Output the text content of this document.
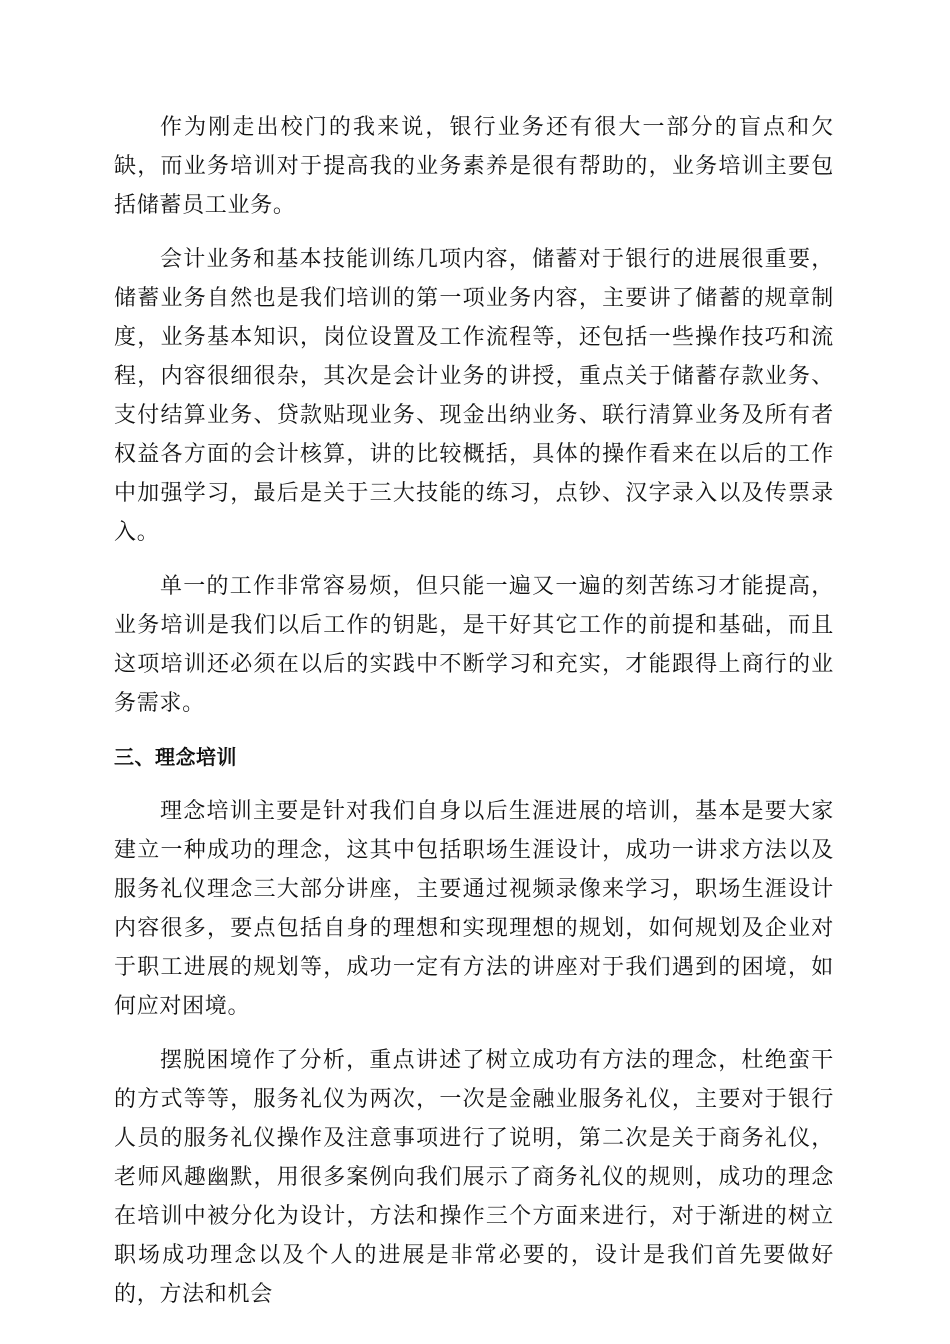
作为刚走出校门的我来说，银行业务还有很大一部分的盲点和欠缺，而业务培训对于提高我的业务素养是很有帮助的，业务培训主要包括储蓄员工业务。

会计业务和基本技能训练几项内容，储蓄对于银行的进展很重要，储蓄业务自然也是我们培训的第一项业务内容，主要讲了储蓄的规章制度，业务基本知识，岗位设置及工作流程等，还包括一些操作技巧和流程，内容很细很杂，其次是会计业务的讲授，重点关于储蓄存款业务、支付结算业务、贷款贴现业务、现金出纳业务、联行清算业务及所有者权益各方面的会计核算，讲的比较概括，具体的操作看来在以后的工作中加强学习，最后是关于三大技能的练习，点钞、汉字录入以及传票录入。

单一的工作非常容易烦，但只能一遍又一遍的刻苦练习才能提高，业务培训是我们以后工作的钥匙，是干好其它工作的前提和基础，而且这项培训还必须在以后的实践中不断学习和充实，才能跟得上商行的业务需求。

三、理念培训

理念培训主要是针对我们自身以后生涯进展的培训，基本是要大家建立一种成功的理念，这其中包括职场生涯设计，成功一讲求方法以及服务礼仪理念三大部分讲座，主要通过视频录像来学习，职场生涯设计内容很多，要点包括自身的理想和实现理想的规划，如何规划及企业对于职工进展的规划等，成功一定有方法的讲座对于我们遇到的困境，如何应对困境。

摆脱困境作了分析，重点讲述了树立成功有方法的理念，杜绝蛮干的方式等等，服务礼仪为两次，一次是金融业服务礼仪，主要对于银行人员的服务礼仪操作及注意事项进行了说明，第二次是关于商务礼仪，老师风趣幽默，用很多案例向我们展示了商务礼仪的规则，成功的理念在培训中被分化为设计，方法和操作三个方面来进行，对于渐进的树立职场成功理念以及个人的进展是非常必要的，设计是我们首先要做好的，方法和机会
